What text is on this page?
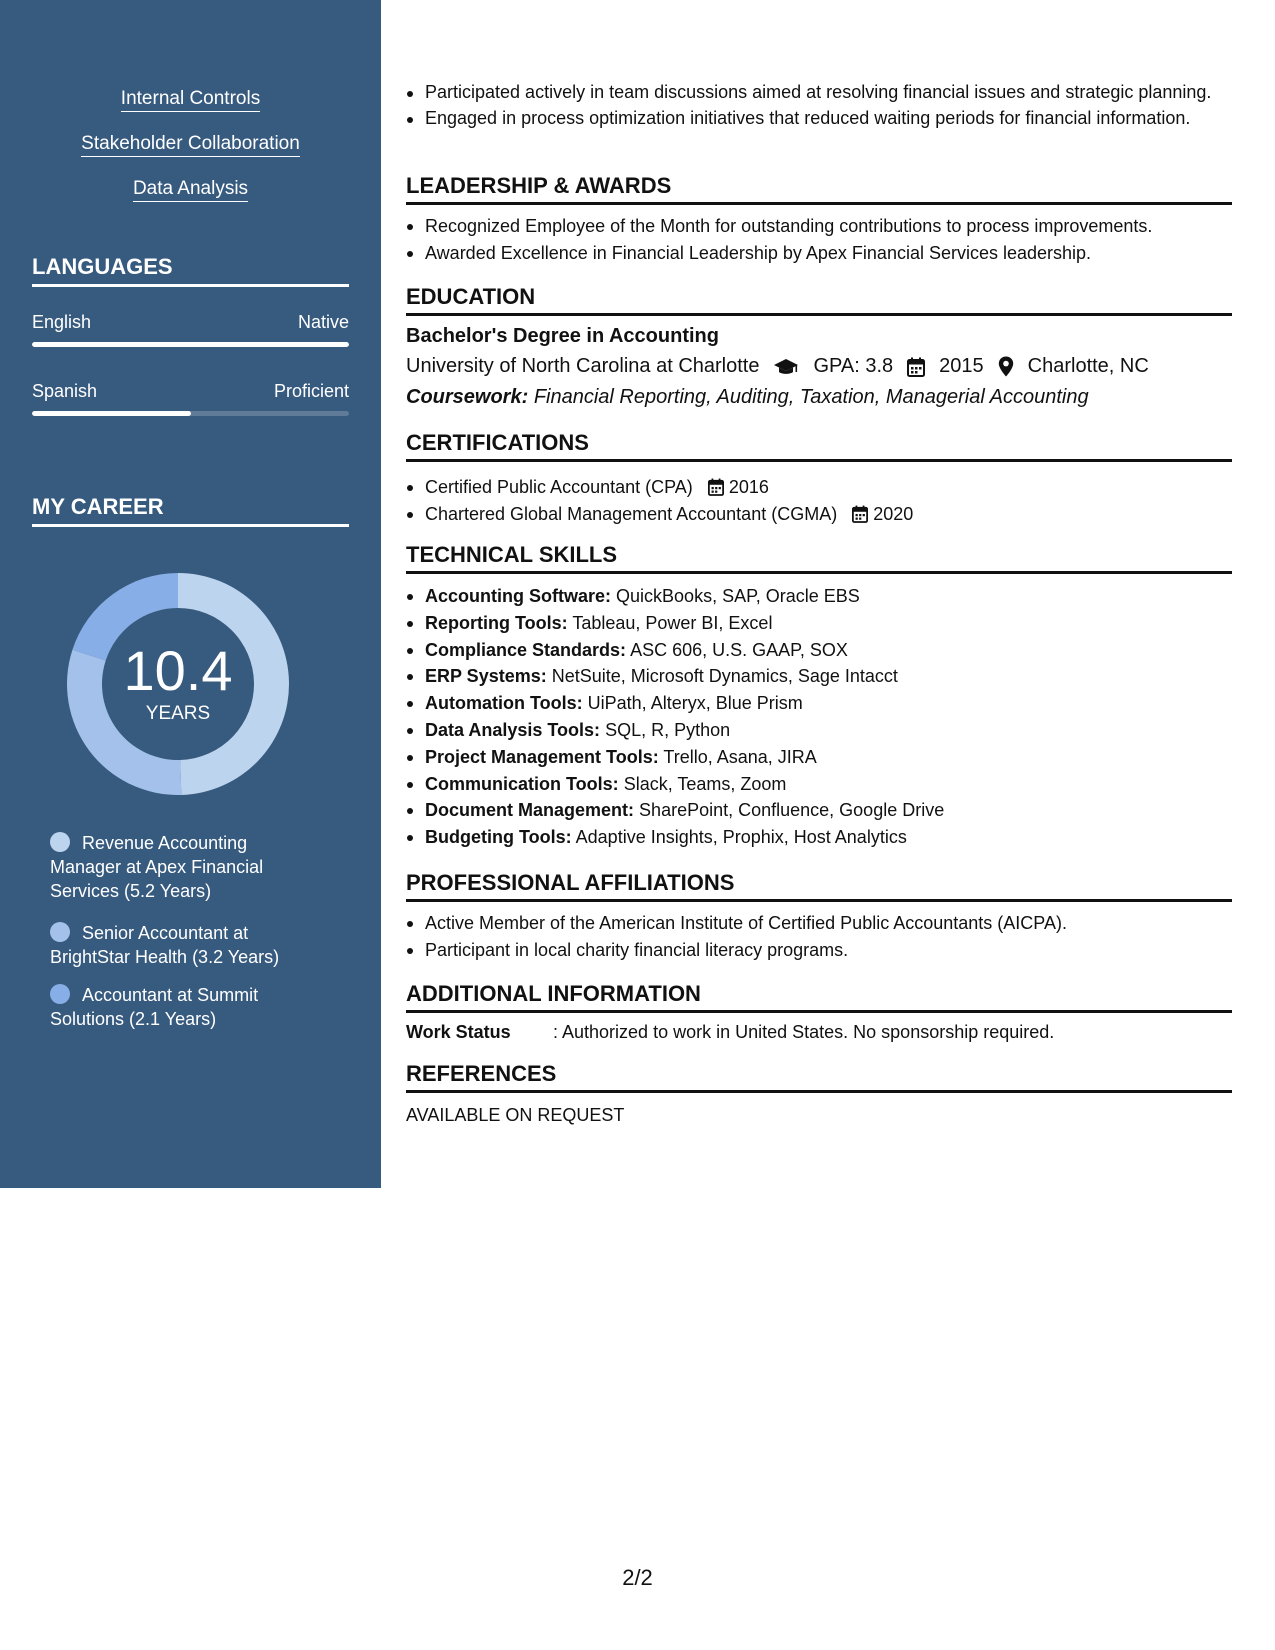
Internal Controls
Stakeholder Collaboration
Data Analysis
LANGUAGES
English	Native
Spanish	Proficient
MY CAREER
10.4
YEARS
Revenue Accounting Manager at Apex Financial Services (5.2 Years)
Senior Accountant at BrightStar Health (3.2 Years)
Accountant at Summit Solutions (2.1 Years)
Participated actively in team discussions aimed at resolving financial issues and strategic planning.
Engaged in process optimization initiatives that reduced waiting periods for financial information.
LEADERSHIP & AWARDS
Recognized Employee of the Month for outstanding contributions to process improvements.
Awarded Excellence in Financial Leadership by Apex Financial Services leadership.
EDUCATION
Bachelor's Degree in Accounting
University of North Carolina at Charlotte	GPA: 3.8 2015 Charlotte, NC
Coursework: Financial Reporting, Auditing, Taxation, Managerial Accounting
CERTIFICATIONS
Certified Public Accountant (CPA) 2016
Chartered Global Management Accountant (CGMA) 2020
TECHNICAL SKILLS
Accounting Software: QuickBooks, SAP, Oracle EBS
Reporting Tools: Tableau, Power BI, Excel
Compliance Standards: ASC 606, U.S. GAAP, SOX
ERP Systems: NetSuite, Microsoft Dynamics, Sage Intacct
Automation Tools: UiPath, Alteryx, Blue Prism
Data Analysis Tools: SQL, R, Python
Project Management Tools: Trello, Asana, JIRA
Communication Tools: Slack, Teams, Zoom
Document Management: SharePoint, Confluence, Google Drive
Budgeting Tools: Adaptive Insights, Prophix, Host Analytics
PROFESSIONAL AFFILIATIONS
Active Member of the American Institute of Certified Public Accountants (AICPA).
Participant in local charity financial literacy programs.
ADDITIONAL INFORMATION
Work Status	: Authorized to work in United States. No sponsorship required.
REFERENCES
AVAILABLE ON REQUEST
2/2
